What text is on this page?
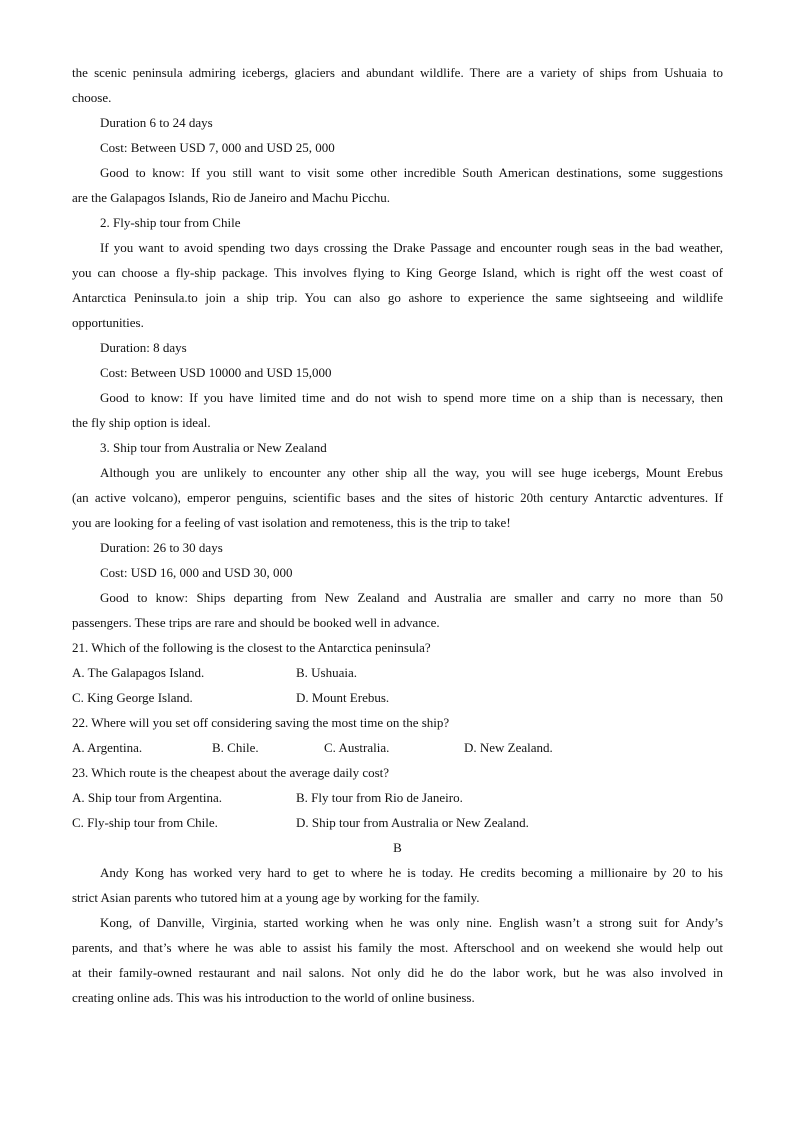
the scenic peninsula admiring icebergs, glaciers and abundant wildlife. There are a variety of ships from Ushuaia to
choose.
Duration 6 to 24 days
Cost: Between USD 7, 000 and USD 25, 000
Good to know: If you still want to visit some other incredible South American destinations, some suggestions
are the Galapagos Islands, Rio de Janeiro and Machu Picchu.
2. Fly-ship tour from Chile
If you want to avoid spending two days crossing the Drake Passage and encounter rough seas in the bad weather,
you can choose a fly-ship package. This involves flying to King George Island, which is right off the west coast of
Antarctica Peninsula.to join a ship trip. You can also go ashore to experience the same sightseeing and wildlife
opportunities.
Duration: 8 days
Cost: Between USD 10000 and USD 15,000
Good to know: If you have limited time and do not wish to spend more time on a ship than is necessary, then
the fly ship option is ideal.
3. Ship tour from Australia or New Zealand
Although you are unlikely to encounter any other ship all the way, you will see huge icebergs, Mount Erebus
(an active volcano), emperor penguins, scientific bases and the sites of historic 20th century Antarctic adventures. If
you are looking for a feeling of vast isolation and remoteness, this is the trip to take!
Duration: 26 to 30 days
Cost: USD 16, 000 and USD 30, 000
Good to know: Ships departing from New Zealand and Australia are smaller and carry no more than 50
passengers. These trips are rare and should be booked well in advance.
21. Which of the following is the closest to the Antarctica peninsula?
A. The Galapagos Island.	B. Ushuaia.
C. King George Island.	D. Mount Erebus.
22. Where will you set off considering saving the most time on the ship?
A. Argentina.	B. Chile.	C. Australia.	D. New Zealand.
23. Which route is the cheapest about the average daily cost?
A. Ship tour from Argentina.	B. Fly tour from Rio de Janeiro.
C. Fly-ship tour from Chile.	D. Ship tour from Australia or New Zealand.
B
Andy Kong has worked very hard to get to where he is today. He credits becoming a millionaire by 20 to his
strict Asian parents who tutored him at a young age by working for the family.
Kong, of Danville, Virginia, started working when he was only nine. English wasn’t a strong suit for Andy’s
parents, and that’s where he was able to assist his family the most. Afterschool and on weekend she would help out
at their family-owned restaurant and nail salons. Not only did he do the labor work, but he was also involved in
creating online ads. This was his introduction to the world of online business.
